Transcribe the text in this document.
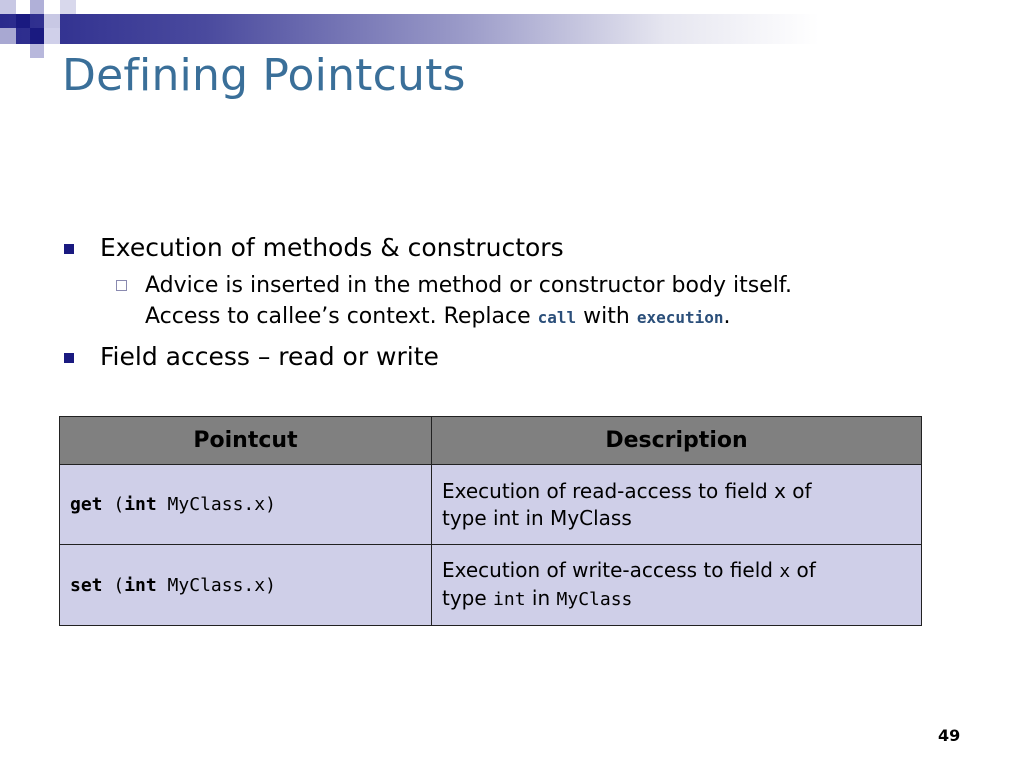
Defining Pointcuts
Execution of methods & constructors
Advice is inserted in the method or constructor body itself.
Access to callee’s context. Replace call with execution.
Field access – read or write
Pointcut	Description
get (int MyClass.x)	Execution of read-access to field x of
type int in MyClass
set (int MyClass.x)	Execution of write-access to field x of
type int in MyClass
49
